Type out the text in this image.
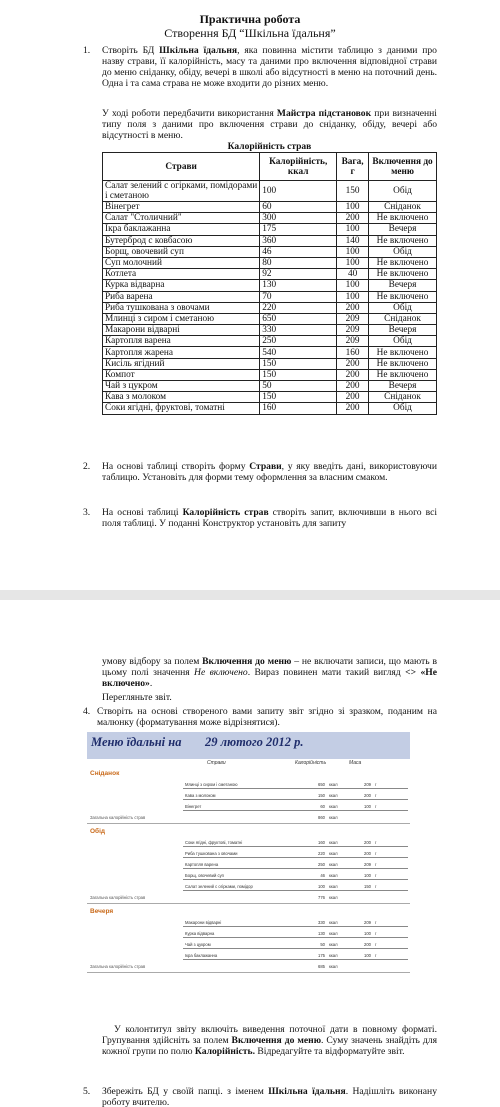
Практична робота
Створення БД “Шкільна їдальня”
1. Створіть БД Шкільна їдальня, яка повинна містити таблицю з даними про назву страви, її калорійність, масу та даними про включення відповідної страви до меню сніданку, обіду, вечері в школі або відсутності в меню на поточний день. Одна і та сама страва не може входити до різних меню.
У ході роботи передбачити використання Майстра підстановок при визначенні типу поля з даними про включення страви до сніданку, обіду, вечері або відсутності в меню.
Калорійність страв
Страви	Калорійність, ккал	Вага, г	Включення до меню
Салат зелений с огірками, помідорами і сметаною	100	150	Обід
Вінегрет	60	100	Сніданок
Салат "Столичний"	300	200	Не включено
Ікра баклажанна	175	100	Вечеря
Бутерброд с ковбасою	360	140	Не включено
Борщ, овочевий суп	46	100	Обід
Суп молочний	80	100	Не включено
Котлета	92	40	Не включено
Курка відварна	130	100	Вечеря
Риба варена	70	100	Не включено
Риба тушкована з овочами	220	200	Обід
Млинці з сиром і сметаною	650	209	Сніданок
Макарони відварні	330	209	Вечеря
Картопля варена	250	209	Обід
Картопля жарена	540	160	Не включено
Кисіль ягідний	150	200	Не включено
Компот	150	200	Не включено
Чай з цукром	50	200	Вечеря
Кава з молоком	150	200	Сніданок
Соки ягідні, фруктові, томатні	160	200	Обід
2. На основі таблиці створіть форму Страви, у яку введіть дані, використовуючи таблицю. Установіть для форми тему оформлення за власним смаком.
3. На основі таблиці Калорійність страв створіть запит, включивши в нього всі поля таблиці. У поданні Конструктор установіть для запиту
умову відбору за полем Включення до меню – не включати записи, що мають в цьому полі значення Не включено. Вираз повинен мати такий вигляд <> «Не включено».
Перегляньте звіт.
4. Створіть на основі створеного вами запиту звіт згідно зі зразком, поданим на малюнку (форматування може відрізнятися).
Меню їдальні на 29 лютого 2012 р.
Страви	Калорійність	Маса
Сніданок
Млинці з сиром і сметаною	650 ккал	209 г
Кава з молоком	150 ккал	200 г
Вінегрет	60 ккал	100 г
Загальна калорійність страв	860 ккал
Обід
Соки ягідні, фруктові, томатні	160 ккал	200 г
Риба тушкована з овочами	220 ккал	200 г
Картопля варена	250 ккал	209 г
Борщ, овочевий суп	46 ккал	100 г
Салат зелений с огірками, помідор	100 ккал	150 г
Загальна калорійність страв	776 ккал
Вечеря
Макарони відварні	330 ккал	209 г
Курка відварна	130 ккал	100 г
Чай з цукром	50 ккал	200 г
Ікра баклажанна	175 ккал	100 г
Загальна калорійність страв	685 ккал
У колонтитул звіту включіть виведення поточної дати в повному форматі. Групування здійсніть за полем Включення до меню. Суму значень знайдіть для кожної групи по полю Калорійність. Відредагуйте та відформатуйте звіт.
5. Збережіть БД у своїй папці. з іменем Шкільна їдальня. Надішліть виконану роботу вчителю.
